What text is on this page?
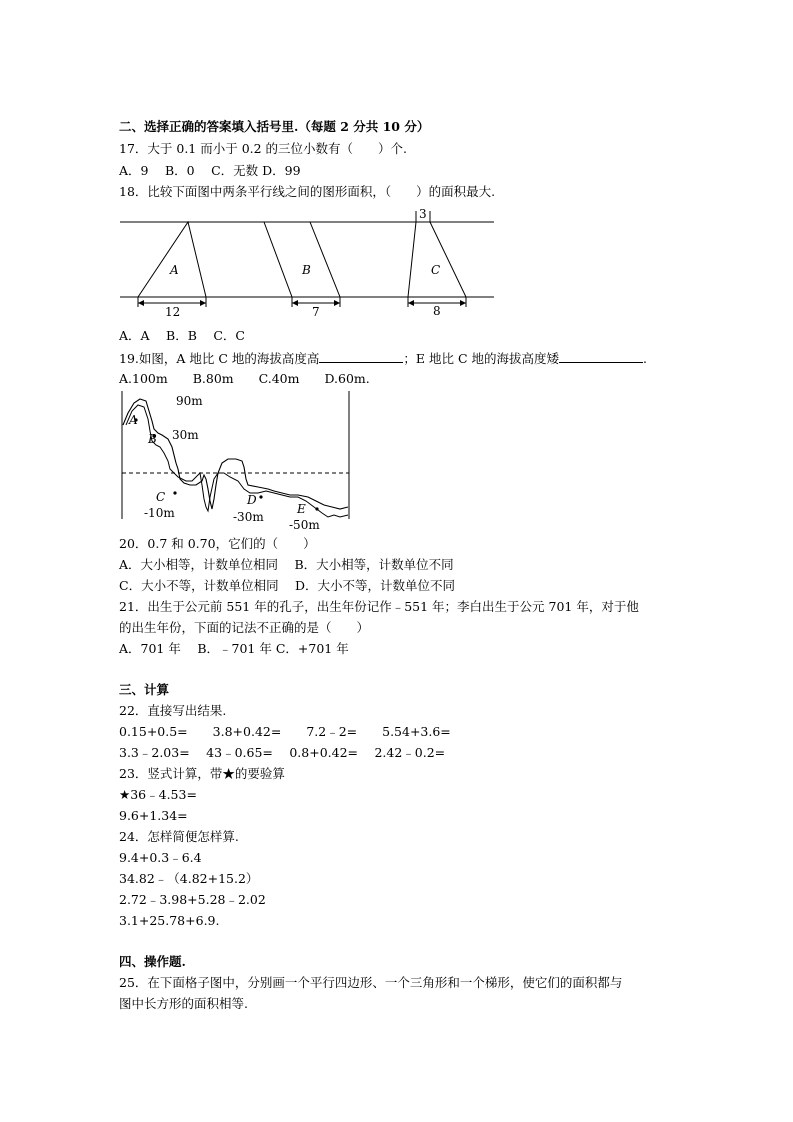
二、选择正确的答案填入括号里.（每题 2 分共 10 分）
17．大于 0.1 而小于 0.2 的三位小数有（　　）个.
A．9　 B．0　 C．无数 D．99
18．比较下面图中两条平行线之间的图形面积，（　　）的面积最大.
A	B	C
12	7	8
3
A．A　 B．B　 C．C
19.如图，A 地比 C 地的海拔高度高	；E 地比 C 地的海拔高度矮	.
A.100m　　B.80m　　C.40m　　D.60m.
A
B
C	D
E
90m
30m
-10m	-30m
-50m
20．0.7 和 0.70，它们的（　　）
A．大小相等，计数单位相同　 B．大小相等，计数单位不同
C．大小不等，计数单位相同　 D．大小不等，计数单位不同
21．出生于公元前 551 年的孔子，出生年份记作﹣551 年；李白出生于公元 701 年，对于他
的出生年份，下面的记法不正确的是（　　）
A．701 年　 B．﹣701 年 C．+701 年
三、计算
22．直接写出结果.
0.15+0.5=　　3.8+0.42=　　7.2﹣2=　　5.54+3.6=
3.3﹣2.03=　 43﹣0.65=　 0.8+0.42=　 2.42﹣0.2=
23．竖式计算，带★的要验算
★36﹣4.53=
9.6+1.34=
24．怎样简便怎样算.
9.4+0.3﹣6.4
34.82﹣（4.82+15.2）
2.72﹣3.98+5.28﹣2.02
3.1+25.78+6.9.
四、操作题.
25．在下面格子图中，分别画一个平行四边形、一个三角形和一个梯形，使它们的面积都与
图中长方形的面积相等.
